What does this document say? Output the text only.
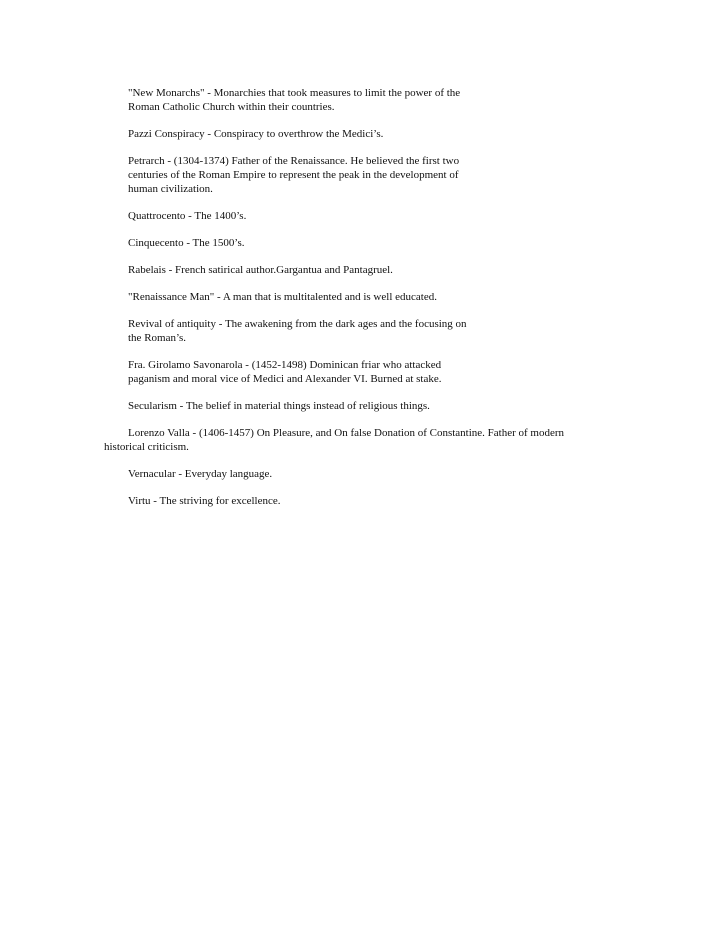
"New Monarchs" - Monarchies that took measures to limit the power of the
Roman Catholic Church within their countries.

Pazzi Conspiracy - Conspiracy to overthrow the Medici’s.

Petrarch - (1304-1374) Father of the Renaissance. He believed the first two
centuries of the Roman Empire to represent the peak in the development of
human civilization.

Quattrocento - The 1400’s.

Cinquecento - The 1500’s.

Rabelais - French satirical author.Gargantua and Pantagruel.

"Renaissance Man" - A man that is multitalented and is well educated.

Revival of antiquity - The awakening from the dark ages and the focusing on
the Roman’s.

Fra. Girolamo Savonarola - (1452-1498) Dominican friar who attacked
paganism and moral vice of Medici and Alexander VI. Burned at stake.

Secularism - The belief in material things instead of religious things.

Lorenzo Valla - (1406-1457) On Pleasure, and On false Donation of Constantine. Father of modern
historical criticism.

Vernacular - Everyday language.

Virtu - The striving for excellence.
